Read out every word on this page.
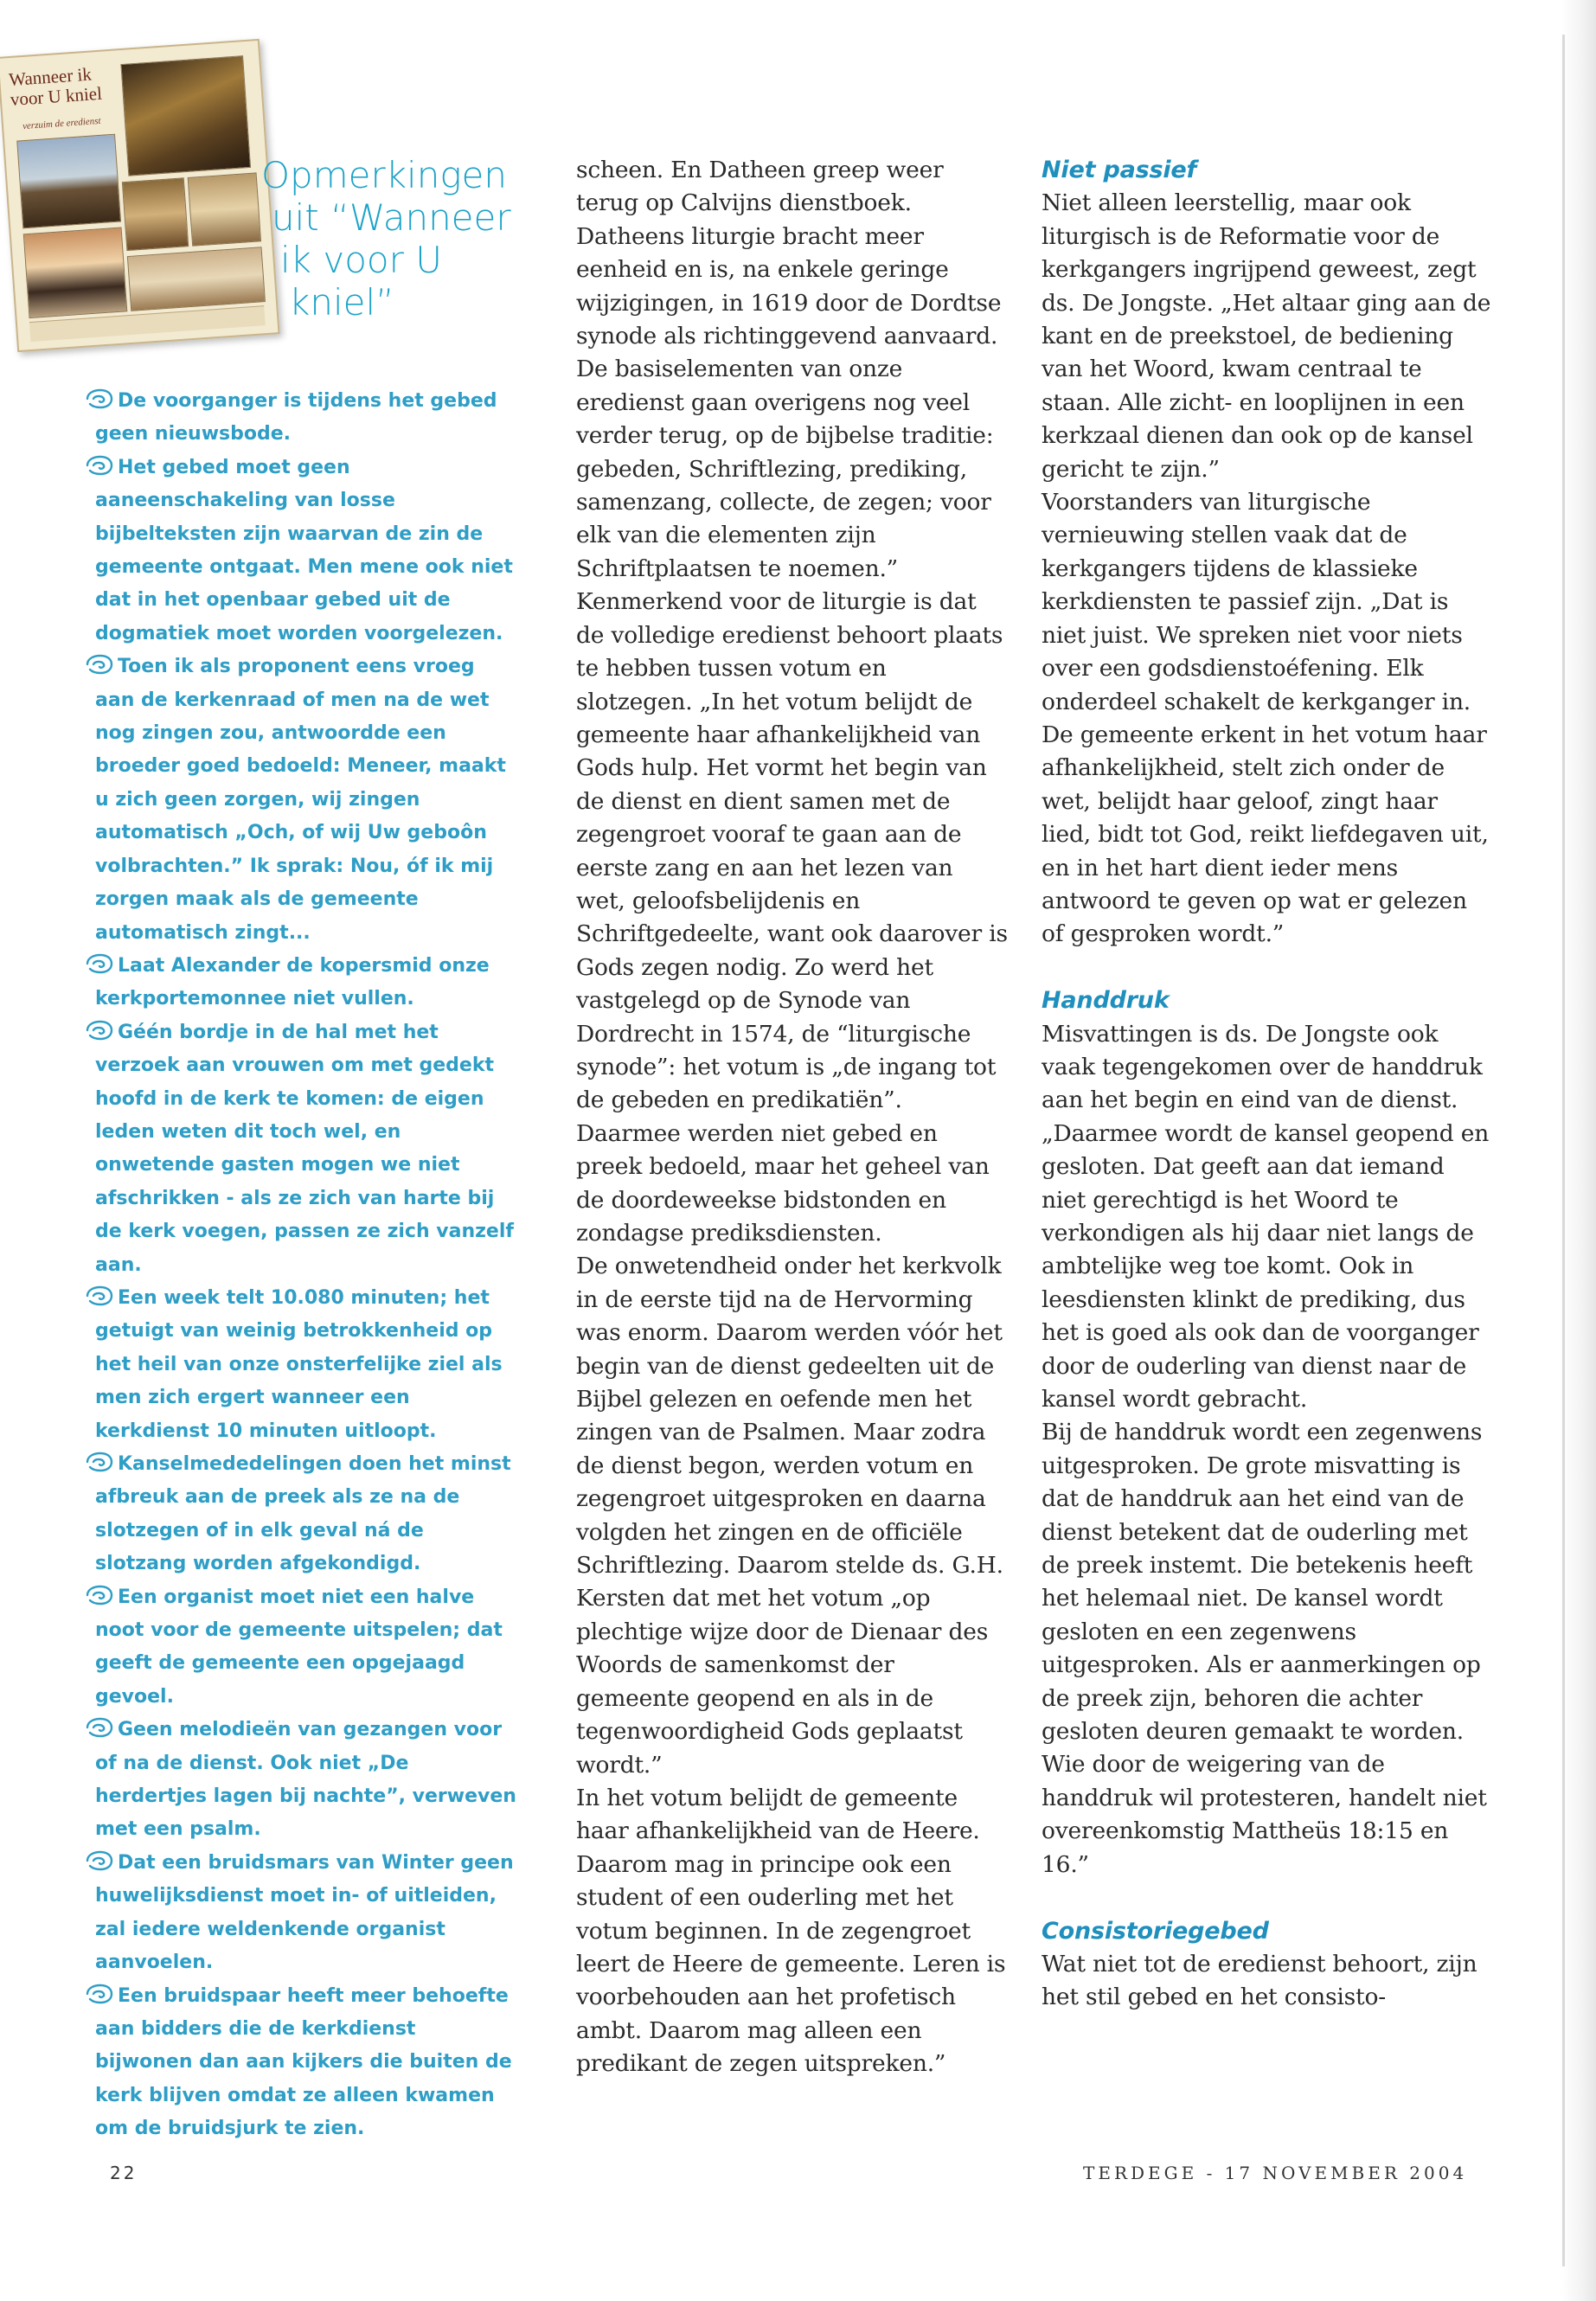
Wanneer ik voor U kniel
verzuim de eredienst
Opmerkingen
uit “Wanneer
ik voor U
kniel”

De voorganger is tijdens het gebed geen nieuwsbode.

Het gebed moet geen aaneenschakeling van losse bijbelteksten zijn waarvan de zin de gemeente ontgaat. Men mene ook niet dat in het openbaar gebed uit de dogmatiek moet worden voorgelezen.

Toen ik als proponent eens vroeg aan de kerkenraad of men na de wet nog zingen zou, antwoordde een broeder goed bedoeld: Meneer, maakt u zich geen zorgen, wij zingen automatisch „Och, of wij Uw geboôn volbrachten.” Ik sprak: Nou, óf ik mij zorgen maak als de gemeente automatisch zingt...

Laat Alexander de kopersmid onze kerkportemonnee niet vullen.

Géén bordje in de hal met het verzoek aan vrouwen om met gedekt hoofd in de kerk te komen: de eigen leden weten dit toch wel, en onwetende gasten mogen we niet afschrikken - als ze zich van harte bij de kerk voegen, passen ze zich vanzelf aan.

Een week telt 10.080 minuten; het getuigt van weinig betrokkenheid op het heil van onze onsterfelijke ziel als men zich ergert wanneer een kerkdienst 10 minuten uitloopt.

Kanselmededelingen doen het minst afbreuk aan de preek als ze na de slotzegen of in elk geval ná de slotzang worden afgekondigd.

Een organist moet niet een halve noot voor de gemeente uitspelen; dat geeft de gemeente een opgejaagd gevoel.

Geen melodieën van gezangen voor of na de dienst. Ook niet „De herdertjes lagen bij nachte”, verweven met een psalm.

Dat een bruidsmars van Winter geen huwelijksdienst moet in- of uitleiden, zal iedere weldenkende organist aanvoelen.

Een bruidspaar heeft meer behoefte aan bidders die de kerkdienst bijwonen dan aan kijkers die buiten de kerk blijven omdat ze alleen kwamen om de bruidsjurk te zien.

scheen. En Datheen greep weer terug op Calvijns dienstboek. Datheens liturgie bracht meer eenheid en is, na enkele geringe wijzigingen, in 1619 door de Dordtse synode als richtinggevend aanvaard. De basiselementen van onze eredienst gaan overigens nog veel verder terug, op de bijbelse traditie: gebeden, Schriftlezing, prediking, samenzang, collecte, de zegen; voor elk van die elementen zijn Schriftplaatsen te noemen.”

Kenmerkend voor de liturgie is dat de volledige eredienst behoort plaats te hebben tussen votum en slotzegen. „In het votum belijdt de gemeente haar afhankelijkheid van Gods hulp. Het vormt het begin van de dienst en dient samen met de zegengroet vooraf te gaan aan de eerste zang en aan het lezen van wet, geloofsbelijdenis en Schriftgedeelte, want ook daarover is Gods zegen nodig. Zo werd het vastgelegd op de Synode van Dordrecht in 1574, de “liturgische synode”: het votum is „de ingang tot de gebeden en predikatiën”. Daarmee werden niet gebed en preek bedoeld, maar het geheel van de doordeweekse bidstonden en zondagse prediksdiensten.

De onwetendheid onder het kerkvolk in de eerste tijd na de Hervorming was enorm. Daarom werden vóór het begin van de dienst gedeelten uit de Bijbel gelezen en oefende men het zingen van de Psalmen. Maar zodra de dienst begon, werden votum en zegengroet uitgesproken en daarna volgden het zingen en de officiële Schriftlezing. Daarom stelde ds. G.H. Kersten dat met het votum „op plechtige wijze door de Dienaar des Woords de samenkomst der gemeente geopend en als in de tegenwoordigheid Gods geplaatst wordt.”

In het votum belijdt de gemeente haar afhankelijkheid van de Heere. Daarom mag in principe ook een student of een ouderling met het votum beginnen. In de zegengroet leert de Heere de gemeente. Leren is voorbehouden aan het profetisch ambt. Daarom mag alleen een predikant de zegen uitspreken.”

Niet passief

Niet alleen leerstellig, maar ook liturgisch is de Reformatie voor de kerkgangers ingrijpend geweest, zegt ds. De Jongste. „Het altaar ging aan de kant en de preekstoel, de bediening van het Woord, kwam centraal te staan. Alle zicht- en looplijnen in een kerkzaal dienen dan ook op de kansel gericht te zijn.”

Voorstanders van liturgische vernieuwing stellen vaak dat de kerkgangers tijdens de klassieke kerkdiensten te passief zijn. „Dat is niet juist. We spreken niet voor niets over een godsdienstoéfening. Elk onderdeel schakelt de kerkganger in. De gemeente erkent in het votum haar afhankelijkheid, stelt zich onder de wet, belijdt haar geloof, zingt haar lied, bidt tot God, reikt liefdegaven uit, en in het hart dient ieder mens antwoord te geven op wat er gelezen of gesproken wordt.”

Handdruk

Misvattingen is ds. De Jongste ook vaak tegengekomen over de handdruk aan het begin en eind van de dienst. „Daarmee wordt de kansel geopend en gesloten. Dat geeft aan dat iemand niet gerechtigd is het Woord te verkondigen als hij daar niet langs de ambtelijke weg toe komt. Ook in leesdiensten klinkt de prediking, dus het is goed als ook dan de voorganger door de ouderling van dienst naar de kansel wordt gebracht.

Bij de handdruk wordt een zegenwens uitgesproken. De grote misvatting is dat de handdruk aan het eind van de dienst betekent dat de ouderling met de preek instemt. Die betekenis heeft het helemaal niet. De kansel wordt gesloten en een zegenwens uitgesproken. Als er aanmerkingen op de preek zijn, behoren die achter gesloten deuren gemaakt te worden. Wie door de weigering van de handdruk wil protesteren, handelt niet overeenkomstig Mattheüs 18:15 en 16.”

Consistoriegebed

Wat niet tot de eredienst behoort, zijn het stil gebed en het consisto-

22	TERDEGE - 17 NOVEMBER 2004
